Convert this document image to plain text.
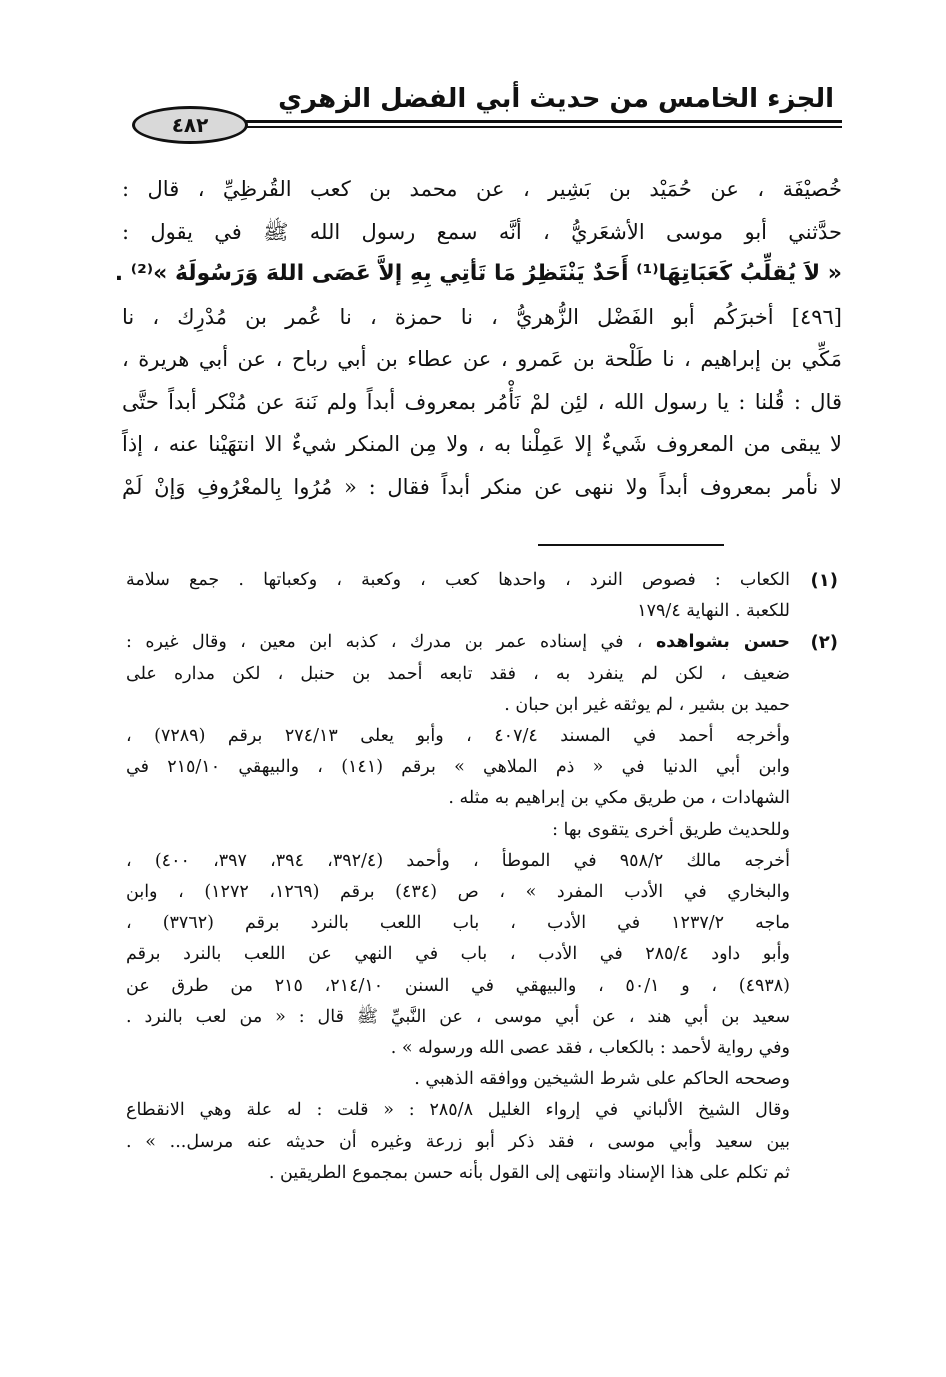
٤٨٢
الجزء الخامس من حديث أبي الفضل الزهري
خُصيْفَة ، عن حُمَيْد بن بَشِير ، عن محمد بن كعب القُرظِيِّ ، قال :
حدَّثني أبو موسى الأشعَريُّ ، أنَّه سمع رسول الله ﷺ في يقول :
« لاَ يُقلِّبُ كَعَبَاتِهَا⁽¹⁾ أَحَدٌ يَنْتَظِرُ مَا تَأتِي بِهِ إلاَّ عَصَى اللهَ وَرَسُولَهُ »⁽²⁾ .
[٤٩٦] أخبرَكُم أبو الفَضْل الزُّهريُّ ، نا حمزة ، نا عُمر بن مُدْرِك ، نا
مَكِّي بن إبراهيم ، نا طَلْحة بن عَمرو ، عن عطاء بن أبي رباح ، عن أبي هريرة ،
قال : قُلنا : يا رسول الله ، لئِن لمْ نَأْمُر بمعروف أبداً ولم نَنهَ عن مُنْكر أبداً حتَّى
لا يبقى من المعروف شَيءٌ إلا عَمِلْنا به ، ولا مِن المنكر شيءٌ الا انتهَيْنا عنه ، إذاً
لا نأمر بمعروف أبداً ولا ننهى عن منكر أبداً فقال : « مُرُوا بِالمعْرُوفِ وَإنْ لَمْ
(١)
الكعاب : فصوص النرد ، واحدها كعب ، وكعبة ، وكعباتها . جمع سلامة
للكعبة . النهاية ١٧٩/٤
(٢)
حسن بشواهده ، في إسناده عمر بن مدرك ، كذبه ابن معين ، وقال غيره :
ضعيف ، لكن لم ينفرد به ، فقد تابعه أحمد بن حنبل ، لكن مداره على
حميد بن بشير ، لم يوثقه غير ابن حبان .
وأخرجه أحمد في المسند ٤٠٧/٤ ، وأبو يعلى ٢٧٤/١٣ برقم (٧٢٨٩) ،
وابن أبي الدنيا في « ذم الملاهي » برقم (١٤١) ، والبيهقي ٢١٥/١٠ في
الشهادات ، من طريق مكي بن إبراهيم به مثله .
وللحديث طريق أخرى يتقوى بها :
أخرجه مالك ٩٥٨/٢ في الموطأ ، وأحمد (٣٩٢/٤، ٣٩٤، ٣٩٧، ٤٠٠) ،
والبخاري في الأدب المفرد » ، ص (٤٣٤) برقم (١٢٦٩، ١٢٧٢) ، وابن
ماجه ١٢٣٧/٢ في الأدب ، باب اللعب بالنرد برقم (٣٧٦٢) ،
وأبو داود ٢٨٥/٤ في الأدب ، باب في النهي عن اللعب بالنرد برقم
(٤٩٣٨) ، و ٥٠/١ ، والبيهقي في السنن ٢١٤/١٠، ٢١٥ من طرق عن
سعيد بن أبي هند ، عن أبي موسى ، عن النَّبيِّ ﷺ قال : « من لعب بالنرد .
وفي رواية لأحمد : بالكعاب ، فقد عصى الله ورسوله » .
وصححه الحاكم على شرط الشيخين ووافقه الذهبي .
وقال الشيخ الألباني في إرواء الغليل ٢٨٥/٨ : « قلت : له علة وهي الانقطاع
بين سعيد وأبي موسى ، فقد ذكر أبو زرعة وغيره أن حديثه عنه مرسل... » .
ثم تكلم على هذا الإسناد وانتهى إلى القول بأنه حسن بمجموع الطريقين .
